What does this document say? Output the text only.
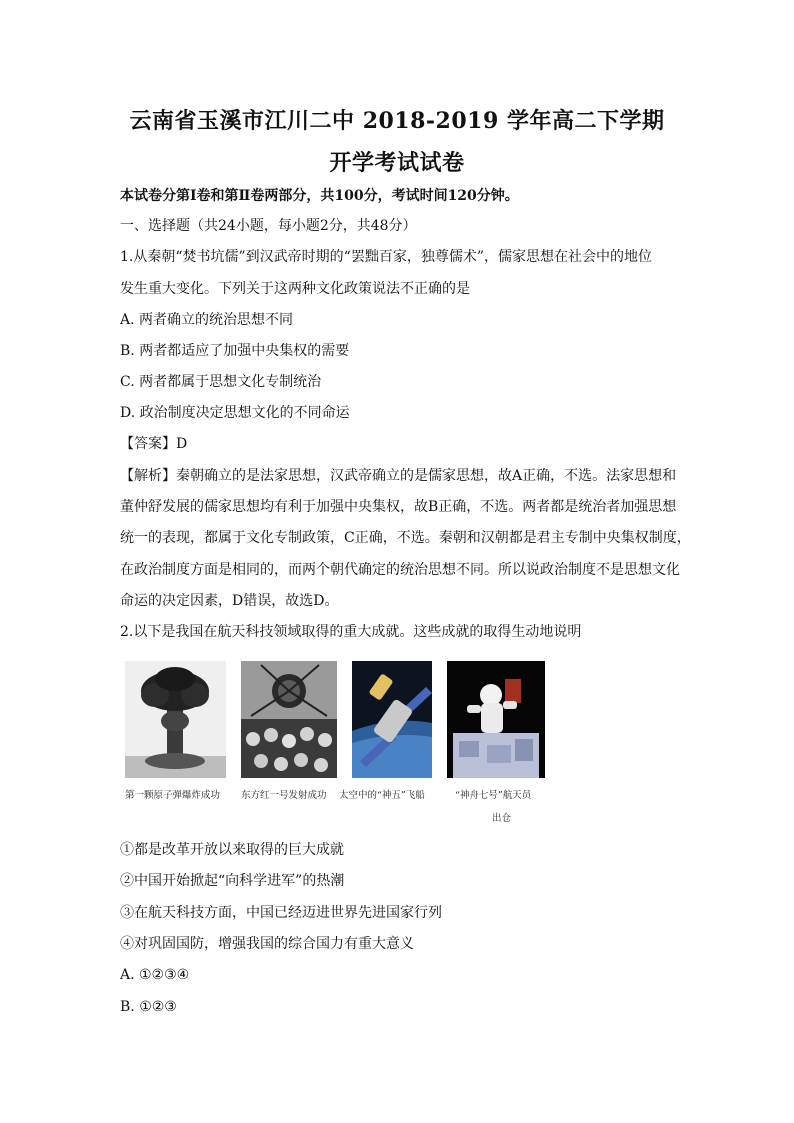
云南省玉溪市江川二中 2018-2019 学年高二下学期
开学考试试卷
本试卷分第Ⅰ卷和第Ⅱ卷两部分，共100分，考试时间120分钟。
一、选择题（共24小题，每小题2分，共48分）
1.从秦朝“焚书坑儒”到汉武帝时期的“罢黜百家，独尊儒术”，儒家思想在社会中的地位
发生重大变化。下列关于这两种文化政策说法不正确的是
A. 两者确立的统治思想不同
B. 两者都适应了加强中央集权的需要
C. 两者都属于思想文化专制统治
D. 政治制度决定思想文化的不同命运
【答案】D
【解析】秦朝确立的是法家思想，汉武帝确立的是儒家思想，故A正确，不选。法家思想和
董仲舒发展的儒家思想均有利于加强中央集权，故B正确，不选。两者都是统治者加强思想
统一的表现，都属于文化专制政策，C正确，不选。秦朝和汉朝都是君主专制中央集权制度，
在政治制度方面是相同的，而两个朝代确定的统治思想不同。所以说政治制度不是思想文化
命运的决定因素，D错误，故选D。
2.以下是我国在航天科技领域取得的重大成就。这些成就的取得生动地说明
第一颗原子弹爆炸成功 东方红一号发射成功 太空中的“神五”飞船	“神舟七号”航天员
出仓
①都是改革开放以来取得的巨大成就
②中国开始掀起“向科学进军”的热潮
③在航天科技方面，中国已经迈进世界先进国家行列
④对巩固国防，增强我国的综合国力有重大意义
A. ①②③④
B. ①②③
